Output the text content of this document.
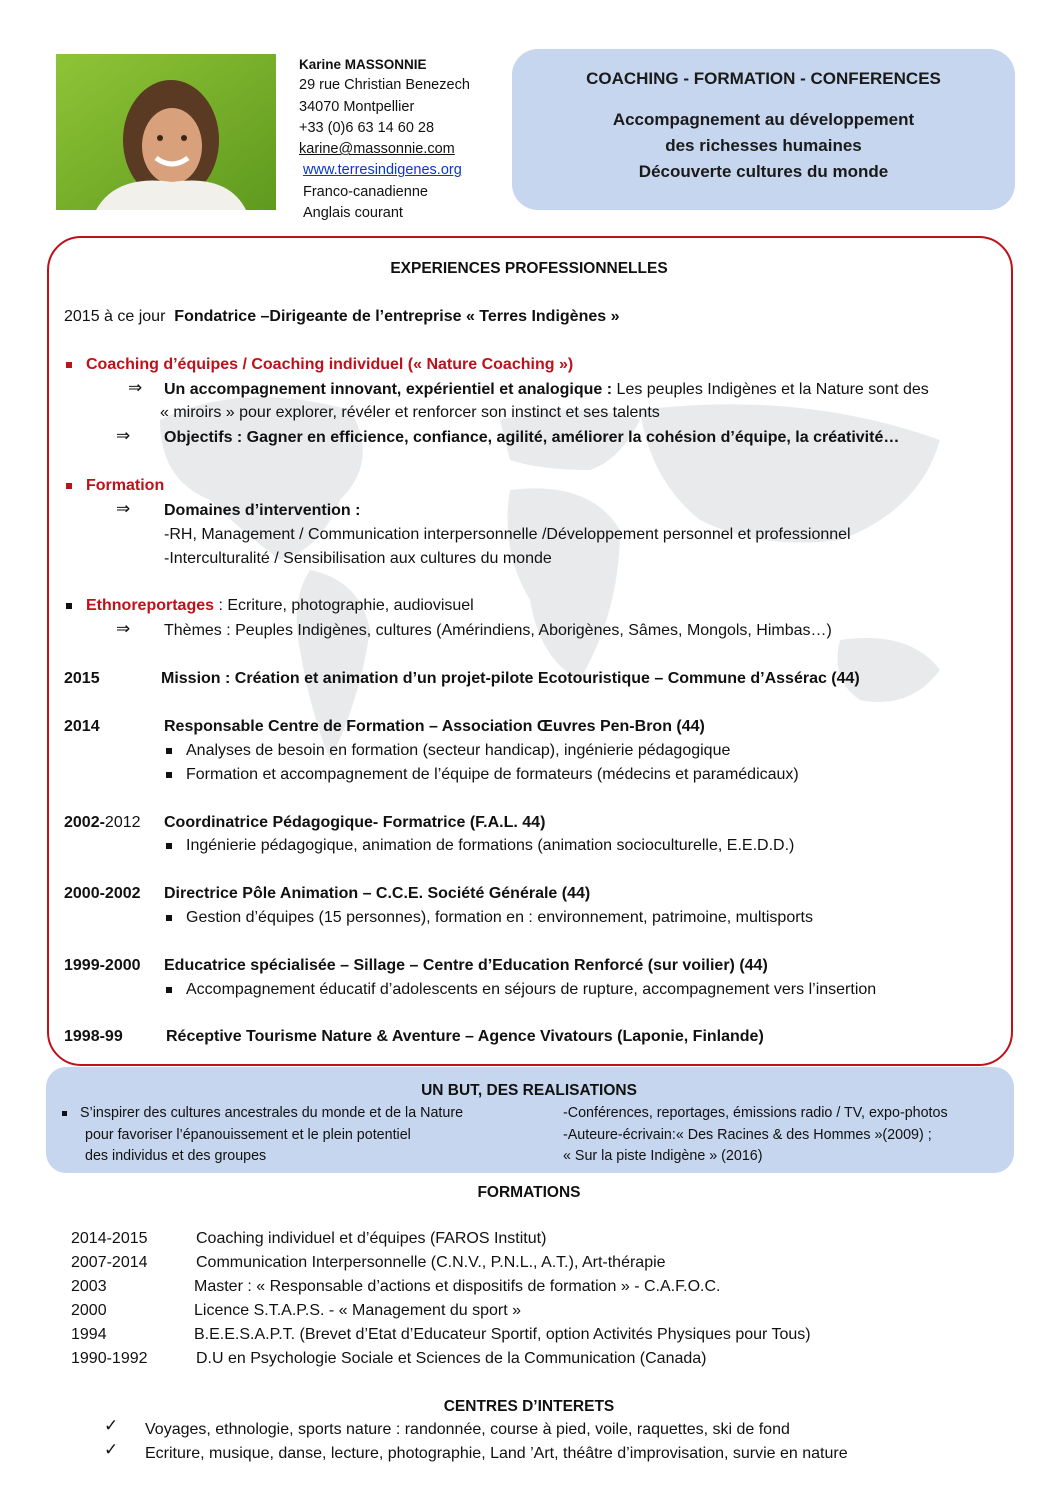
Karine MASSONNIE
29 rue Christian Benezech
34070 Montpellier
+33 (0)6 63 14 60 28
karine@massonnie.com
www.terresindigenes.org
Franco-canadienne
Anglais courant
COACHING - FORMATION - CONFERENCES
Accompagnement au développement
des richesses humaines
Découverte cultures du monde
EXPERIENCES PROFESSIONNELLES
2015 à ce jour Fondatrice –Dirigeante de l’entreprise « Terres Indigènes »
Coaching d’équipes / Coaching individuel (« Nature Coaching »)
⇒ Un accompagnement innovant, expérientiel et analogique : Les peuples Indigènes et la Nature sont des
« miroirs » pour explorer, révéler et renforcer son instinct et ses talents
⇒ Objectifs : Gagner en efficience, confiance, agilité, améliorer la cohésion d’équipe, la créativité…
Formation
⇒ Domaines d’intervention :
-RH, Management / Communication interpersonnelle /Développement personnel et professionnel
-Interculturalité / Sensibilisation aux cultures du monde
Ethnoreportages : Ecriture, photographie, audiovisuel
⇒ Thèmes : Peuples Indigènes, cultures (Amérindiens, Aborigènes, Sâmes, Mongols, Himbas…)
2015	Mission : Création et animation d’un projet-pilote Ecotouristique – Commune d’Assérac (44)
2014	Responsable Centre de Formation – Association Œuvres Pen-Bron (44)
Analyses de besoin en formation (secteur handicap), ingénierie pédagogique
Formation et accompagnement de l’équipe de formateurs (médecins et paramédicaux)
2002-2012 Coordinatrice Pédagogique- Formatrice (F.A.L. 44)
Ingénierie pédagogique, animation de formations (animation socioculturelle, E.E.D.D.)
2000-2002 Directrice Pôle Animation – C.C.E. Société Générale (44)
Gestion d’équipes (15 personnes), formation en : environnement, patrimoine, multisports
1999-2000 Educatrice spécialisée – Sillage – Centre d’Education Renforcé (sur voilier) (44)
Accompagnement éducatif d’adolescents en séjours de rupture, accompagnement vers l’insertion
1998-99	Réceptive Tourisme Nature & Aventure – Agence Vivatours (Laponie, Finlande)
UN BUT, DES REALISATIONS
S’inspirer des cultures ancestrales du monde et de la Nature
pour favoriser l’épanouissement et le plein potentiel
des individus et des groupes
-Conférences, reportages, émissions radio / TV, expo-photos
-Auteure-écrivain:« Des Racines & des Hommes »(2009) ;
« Sur la piste Indigène » (2016)
FORMATIONS
2014-2015	Coaching individuel et d’équipes (FAROS Institut)
2007-2014	Communication Interpersonnelle (C.N.V., P.N.L., A.T.), Art-thérapie
2003	Master : « Responsable d’actions et dispositifs de formation » - C.A.F.O.C.
2000	Licence S.T.A.P.S. - « Management du sport »
1994	B.E.E.S.A.P.T. (Brevet d’Etat d’Educateur Sportif, option Activités Physiques pour Tous)
1990-1992	D.U en Psychologie Sociale et Sciences de la Communication (Canada)
CENTRES D’INTERETS
✓ Voyages, ethnologie, sports nature : randonnée, course à pied, voile, raquettes, ski de fond
✓ Ecriture, musique, danse, lecture, photographie, Land ’Art, théâtre d’improvisation, survie en nature
